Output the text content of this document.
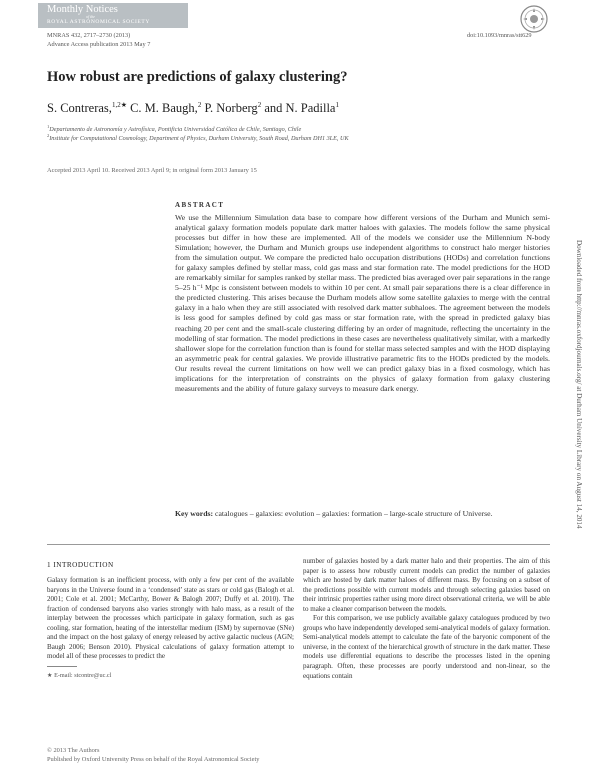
Monthly Notices
of the
ROYAL ASTRONOMICAL SOCIETY
MNRAS 432, 2717–2730 (2013)
Advance Access publication 2013 May 7
doi:10.1093/mnras/stt629
How robust are predictions of galaxy clustering?
S. Contreras,$^{1,2★}$ C. M. Baugh,$^2$ P. Norberg$^2$ and N. Padilla$^1$
$^1$Departamento de Astronomía y Astrofísica, Pontificia Universidad Católica de Chile, Santiago, Chile
$^2$Institute for Computational Cosmology, Department of Physics, Durham University, South Road, Durham DH1 3LE, UK
Accepted 2013 April 10. Received 2013 April 9; in original form 2013 January 15
ABSTRACT
We use the Millennium Simulation data base to compare how different versions of the Durham and Munich semi-analytical galaxy formation models populate dark matter haloes with galaxies. The models follow the same physical processes but differ in how these are implemented. All of the models we consider use the Millennium N-body Simulation; however, the Durham and Munich groups use independent algorithms to construct halo merger histories from the simulation output. We compare the predicted halo occupation distributions (HODs) and correlation functions for galaxy samples defined by stellar mass, cold gas mass and star formation rate. The model predictions for the HOD are remarkably similar for samples ranked by stellar mass. The predicted bias averaged over pair separations in the range 5–25 h⁻¹ Mpc is consistent between models to within 10 per cent. At small pair separations there is a clear difference in the predicted clustering. This arises because the Durham models allow some satellite galaxies to merge with the central galaxy in a halo when they are still associated with resolved dark matter subhaloes. The agreement between the models is less good for samples defined by cold gas mass or star formation rate, with the spread in predicted galaxy bias reaching 20 per cent and the small-scale clustering differing by an order of magnitude, reflecting the uncertainty in the modelling of star formation. The model predictions in these cases are nevertheless qualitatively similar, with a markedly shallower slope for the correlation function than is found for stellar mass selected samples and with the HOD displaying an asymmetric peak for central galaxies. We provide illustrative parametric fits to the HODs predicted by the models. Our results reveal the current limitations on how well we can predict galaxy bias in a fixed cosmology, which has implications for the interpretation of constraints on the physics of galaxy formation from galaxy clustering measurements and the ability of future galaxy surveys to measure dark energy.
Key words: catalogues – galaxies: evolution – galaxies: formation – large-scale structure of Universe.
1 INTRODUCTION

Galaxy formation is an inefficient process, with only a few per cent of the available baryons in the Universe found in a ‘condensed’ state as stars or cold gas (Balogh et al. 2001; Cole et al. 2001; McCarthy, Bower & Balogh 2007; Duffy et al. 2010). The fraction of condensed baryons also varies strongly with halo mass, as a result of the interplay between the processes which participate in galaxy formation, such as gas cooling, star formation, heating of the interstellar medium (ISM) by supernovae (SNe) and the impact on the host galaxy of energy released by active galactic nucleus (AGN; Baugh 2006; Benson 2010). Physical calculations of galaxy formation attempt to model all of these processes to predict the

number of galaxies hosted by a dark matter halo and their properties. The aim of this paper is to assess how robustly current models can predict the number of galaxies which are hosted by dark matter haloes of different mass. By focusing on a subset of the predictions possible with current models and through selecting galaxies based on their intrinsic properties rather using more direct observational criteria, we will be able to make a cleaner comparison between the models.

For this comparison, we use publicly available galaxy catalogues produced by two groups who have independently developed semi-analytical models of galaxy formation. Semi-analytical models attempt to calculate the fate of the baryonic component of the universe, in the context of the hierarchical growth of structure in the dark matter. These models use differential equations to describe the processes listed in the opening paragraph. Often, these processes are poorly understood and non-linear, so the equations contain

★ E-mail: stcontre@uc.cl
© 2013 The Authors
Published by Oxford University Press on behalf of the Royal Astronomical Society
Downloaded from http://mnras.oxfordjournals.org/ at Durham University Library on August 14, 2014
